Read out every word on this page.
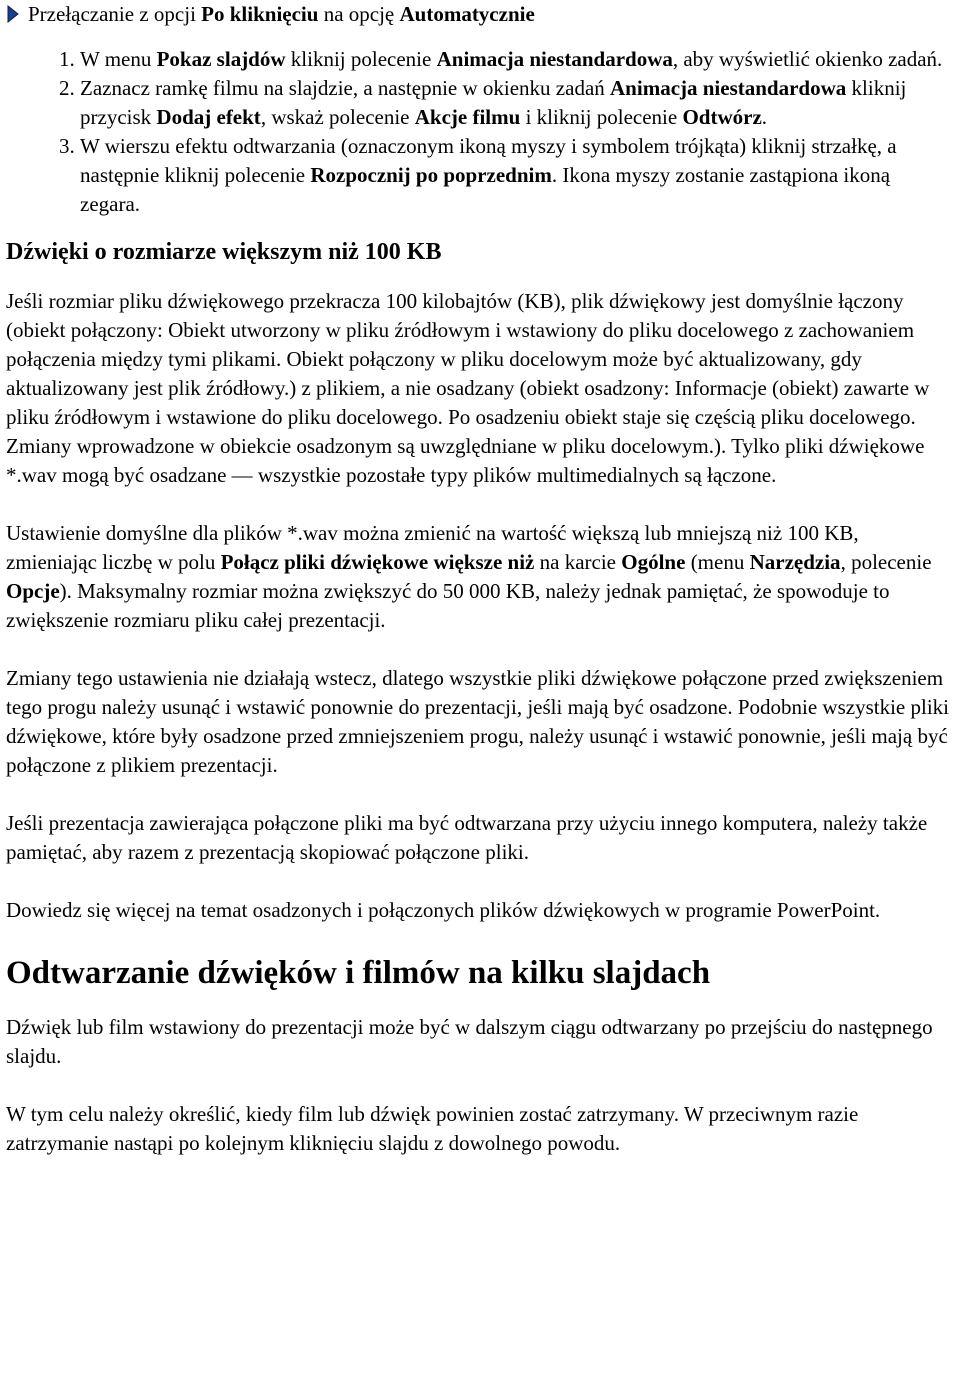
Przełączanie z opcji Po kliknięciu na opcję Automatycznie
1. W menu Pokaz slajdów kliknij polecenie Animacja niestandardowa, aby wyświetlić okienko zadań.
2. Zaznacz ramkę filmu na slajdzie, a następnie w okienku zadań Animacja niestandardowa kliknij przycisk Dodaj efekt, wskaż polecenie Akcje filmu i kliknij polecenie Odtwórz.
3. W wierszu efektu odtwarzania (oznaczonym ikoną myszy i symbolem trójkąta) kliknij strzałkę, a następnie kliknij polecenie Rozpocznij po poprzednim. Ikona myszy zostanie zastąpiona ikoną zegara.
Dźwięki o rozmiarze większym niż 100 KB

Jeśli rozmiar pliku dźwiękowego przekracza 100 kilobajtów (KB), plik dźwiękowy jest domyślnie łączony (obiekt połączony: Obiekt utworzony w pliku źródłowym i wstawiony do pliku docelowego z zachowaniem połączenia między tymi plikami. Obiekt połączony w pliku docelowym może być aktualizowany, gdy aktualizowany jest plik źródłowy.) z plikiem, a nie osadzany (obiekt osadzony: Informacje (obiekt) zawarte w pliku źródłowym i wstawione do pliku docelowego. Po osadzeniu obiekt staje się częścią pliku docelowego. Zmiany wprowadzone w obiekcie osadzonym są uwzględniane w pliku docelowym.). Tylko pliki dźwiękowe *.wav mogą być osadzane — wszystkie pozostałe typy plików multimedialnych są łączone.

Ustawienie domyślne dla plików *.wav można zmienić na wartość większą lub mniejszą niż 100 KB, zmieniając liczbę w polu Połącz pliki dźwiękowe większe niż na karcie Ogólne (menu Narzędzia, polecenie Opcje). Maksymalny rozmiar można zwiększyć do 50 000 KB, należy jednak pamiętać, że spowoduje to zwiększenie rozmiaru pliku całej prezentacji.

Zmiany tego ustawienia nie działają wstecz, dlatego wszystkie pliki dźwiękowe połączone przed zwiększeniem tego progu należy usunąć i wstawić ponownie do prezentacji, jeśli mają być osadzone. Podobnie wszystkie pliki dźwiękowe, które były osadzone przed zmniejszeniem progu, należy usunąć i wstawić ponownie, jeśli mają być połączone z plikiem prezentacji.

Jeśli prezentacja zawierająca połączone pliki ma być odtwarzana przy użyciu innego komputera, należy także pamiętać, aby razem z prezentacją skopiować połączone pliki.

Dowiedz się więcej na temat osadzonych i połączonych plików dźwiękowych w programie PowerPoint.

Odtwarzanie dźwięków i filmów na kilku slajdach

Dźwięk lub film wstawiony do prezentacji może być w dalszym ciągu odtwarzany po przejściu do następnego slajdu.

W tym celu należy określić, kiedy film lub dźwięk powinien zostać zatrzymany. W przeciwnym razie zatrzymanie nastąpi po kolejnym kliknięciu slajdu z dowolnego powodu.
